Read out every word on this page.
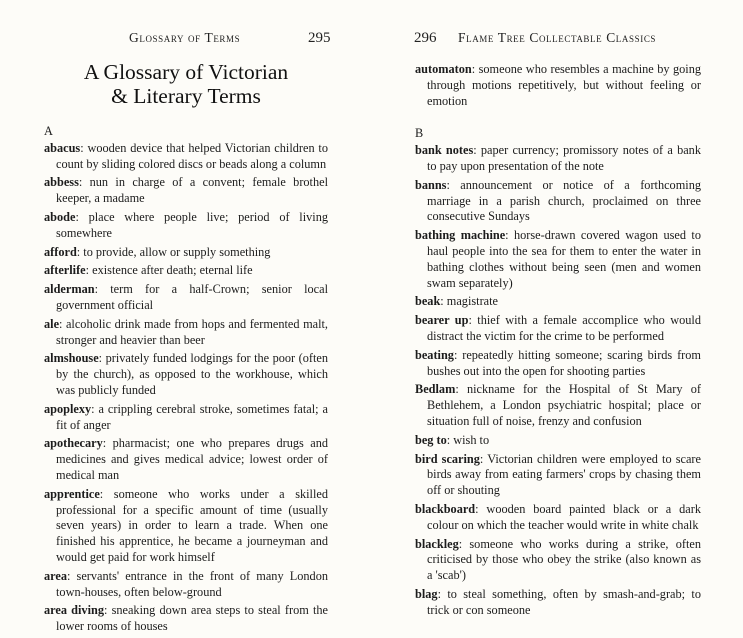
Glossary of Terms	295
A Glossary of Victorian
& Literary Terms
A
abacus: wooden device that helped Victorian children to count by sliding colored discs or beads along a column
abbess: nun in charge of a convent; female brothel keeper, a madame
abode: place where people live; period of living somewhere
afford: to provide, allow or supply something
afterlife: existence after death; eternal life
alderman: term for a half-Crown; senior local government official
ale: alcoholic drink made from hops and fermented malt, stronger and heavier than beer
almshouse: privately funded lodgings for the poor (often by the church), as opposed to the workhouse, which was publicly funded
apoplexy: a crippling cerebral stroke, sometimes fatal; a fit of anger
apothecary: pharmacist; one who prepares drugs and medicines and gives medical advice; lowest order of medical man
apprentice: someone who works under a skilled professional for a specific amount of time (usually seven years) in order to learn a trade. When one finished his apprentice, he became a journeyman and would get paid for work himself
area: servants' entrance in the front of many London town-houses, often below-ground
area diving: sneaking down area steps to steal from the lower rooms of houses
296 Flame Tree Collectable Classics
automaton: someone who resembles a machine by going through motions repetitively, but without feeling or emotion
B
bank notes: paper currency; promissory notes of a bank to pay upon presentation of the note
banns: announcement or notice of a forthcoming marriage in a parish church, proclaimed on three consecutive Sundays
bathing machine: horse-drawn covered wagon used to haul people into the sea for them to enter the water in bathing clothes without being seen (men and women swam separately)
beak: magistrate
bearer up: thief with a female accomplice who would distract the victim for the crime to be performed
beating: repeatedly hitting someone; scaring birds from bushes out into the open for shooting parties
Bedlam: nickname for the Hospital of St Mary of Bethlehem, a London psychiatric hospital; place or situation full of noise, frenzy and confusion
beg to: wish to
bird scaring: Victorian children were employed to scare birds away from eating farmers' crops by chasing them off or shouting
blackboard: wooden board painted black or a dark colour on which the teacher would write in white chalk
blackleg: someone who works during a strike, often criticised by those who obey the strike (also known as a 'scab')
blag: to steal something, often by smash-and-grab; to trick or con someone
